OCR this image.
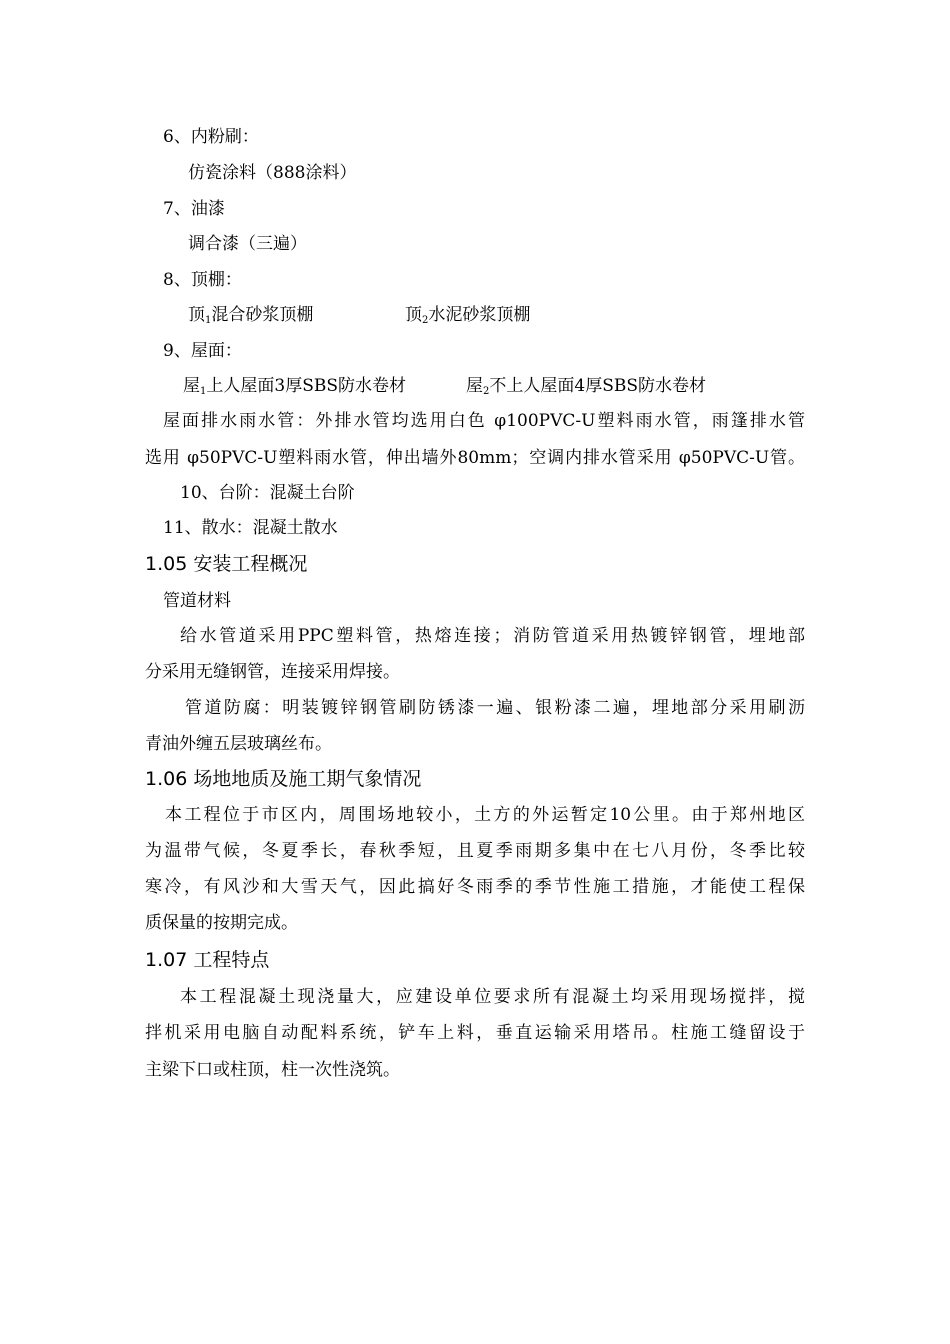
6、内粉刷：
仿瓷涂料（888涂料）
7、油漆
调合漆（三遍）
8、顶棚：
顶$_1$混合砂浆顶棚	顶$_2$水泥砂浆顶棚
9、屋面：
屋$_1$上人屋面3厚SBS防水卷材	屋$_2$不上人屋面4厚SBS防水卷材
屋面排水雨水管：外排水管均选用白色 φ100PVC-U塑料雨水管，雨篷排水管
选用 φ50PVC-U塑料雨水管，伸出墙外80mm；空调内排水管采用 φ50PVC-U管。
10、台阶：混凝土台阶
11、散水：混凝土散水
1.05 安装工程概况
管道材料
给水管道采用PPC塑料管，热熔连接；消防管道采用热镀锌钢管，埋地部
分采用无缝钢管，连接采用焊接。
管道防腐：明装镀锌钢管刷防锈漆一遍、银粉漆二遍，埋地部分采用刷沥
青油外缠五层玻璃丝布。
1.06 场地地质及施工期气象情况
本工程位于市区内，周围场地较小，土方的外运暂定10公里。由于郑州地区
为温带气候，冬夏季长，春秋季短，且夏季雨期多集中在七八月份，冬季比较
寒冷，有风沙和大雪天气，因此搞好冬雨季的季节性施工措施，才能使工程保
质保量的按期完成。
1.07 工程特点
本工程混凝土现浇量大，应建设单位要求所有混凝土均采用现场搅拌，搅
拌机采用电脑自动配料系统，铲车上料，垂直运输采用塔吊。柱施工缝留设于
主梁下口或柱顶，柱一次性浇筑。
